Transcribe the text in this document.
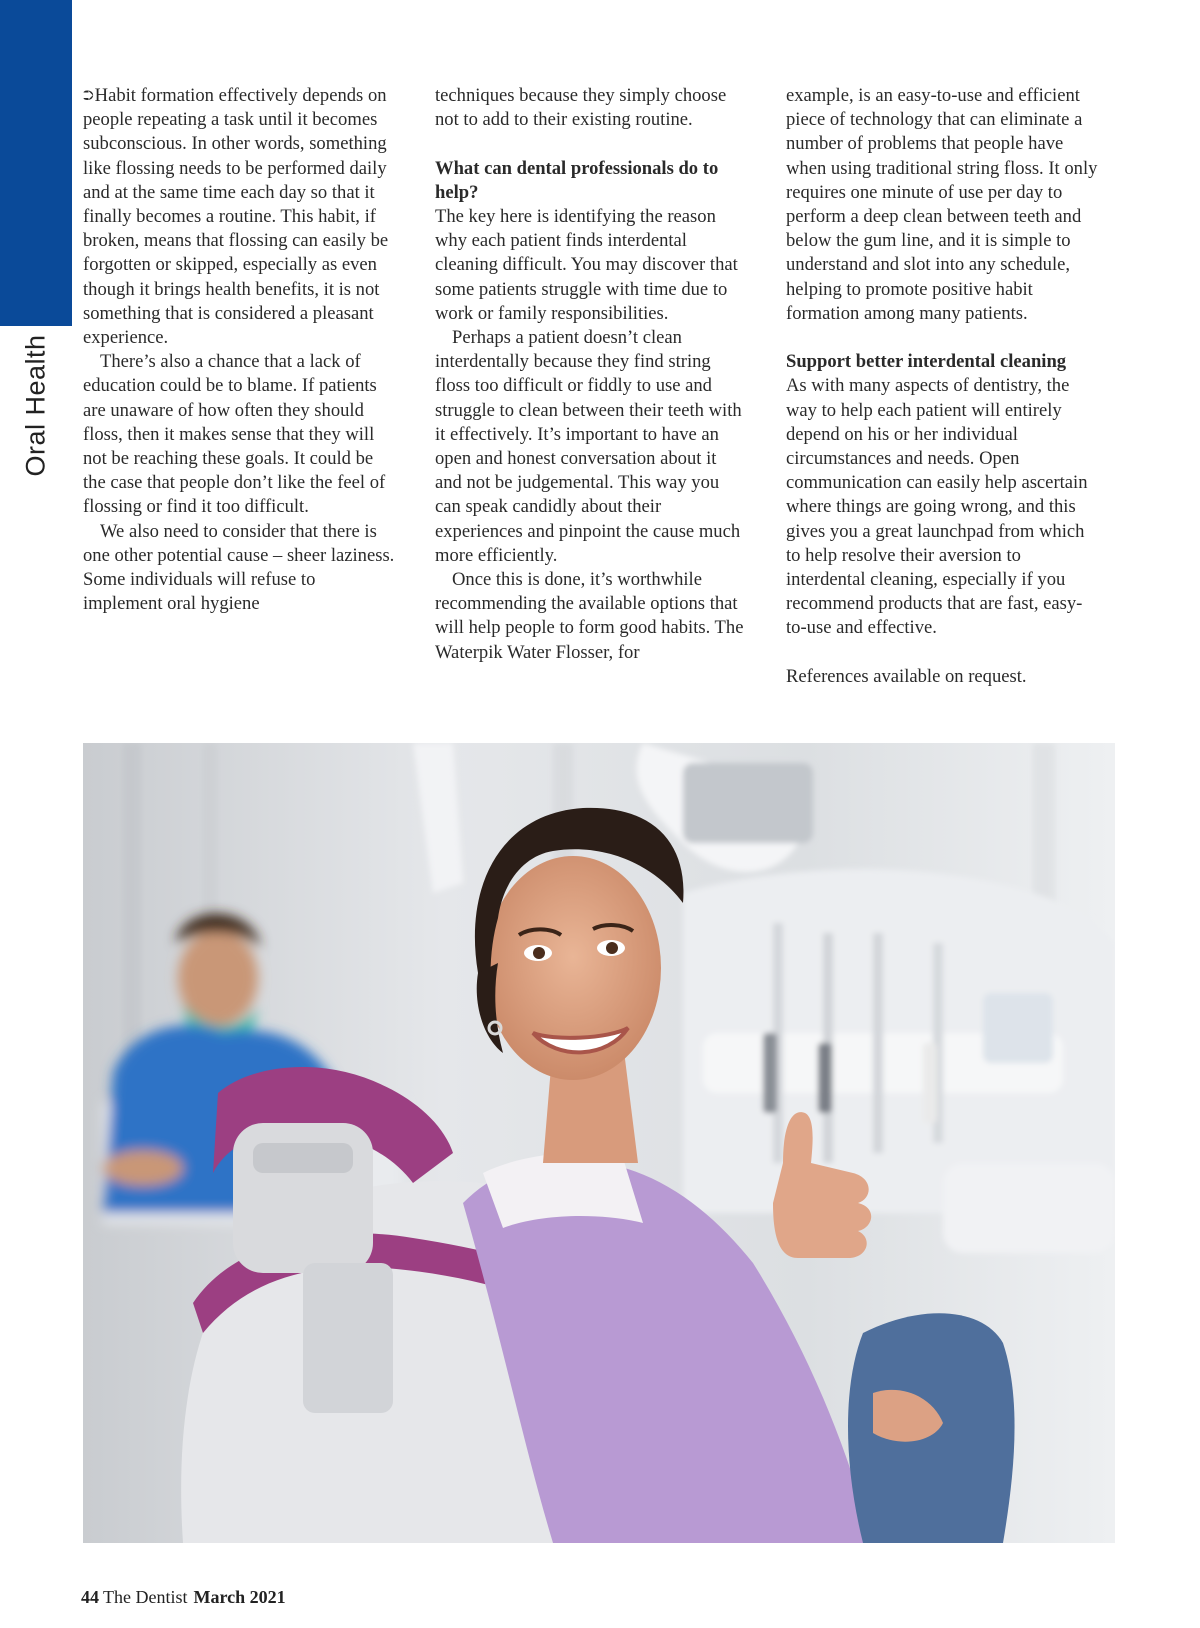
Oral Health

⮊Habit formation effectively depends on people repeating a task until it becomes subconscious. In other words, something like flossing needs to be performed daily and at the same time each day so that it finally becomes a routine. This habit, if broken, means that flossing can easily be forgotten or skipped, especially as even though it brings health benefits, it is not something that is considered a pleasant experience.

There’s also a chance that a lack of education could be to blame. If patients are unaware of how often they should floss, then it makes sense that they will not be reaching these goals. It could be the case that people don’t like the feel of flossing or find it too difficult.

We also need to consider that there is one other potential cause – sheer laziness. Some individuals will refuse to implement oral hygiene

techniques because they simply choose not to add to their existing routine.

What can dental professionals do to help?

The key here is identifying the reason why each patient finds interdental cleaning difficult. You may discover that some patients struggle with time due to work or family responsibilities.

Perhaps a patient doesn’t clean interdentally because they find string floss too difficult or fiddly to use and struggle to clean between their teeth with it effectively. It’s important to have an open and honest conversation about it and not be judgemental. This way you can speak candidly about their experiences and pinpoint the cause much more efficiently.

Once this is done, it’s worthwhile recommending the available options that will help people to form good habits. The Waterpik Water Flosser, for

example, is an easy-to-use and efficient piece of technology that can eliminate a number of problems that people have when using traditional string floss. It only requires one minute of use per day to perform a deep clean between teeth and below the gum line, and it is simple to understand and slot into any schedule, helping to promote positive habit formation among many patients.

Support better interdental cleaning

As with many aspects of dentistry, the way to help each patient will entirely depend on his or her individual circumstances and needs. Open communication can easily help ascertain where things are going wrong, and this gives you a great launchpad from which to help resolve their aversion to interdental cleaning, especially if you recommend products that are fast, easy-to-use and effective.

References available on request.

44 The Dentist March 2021
